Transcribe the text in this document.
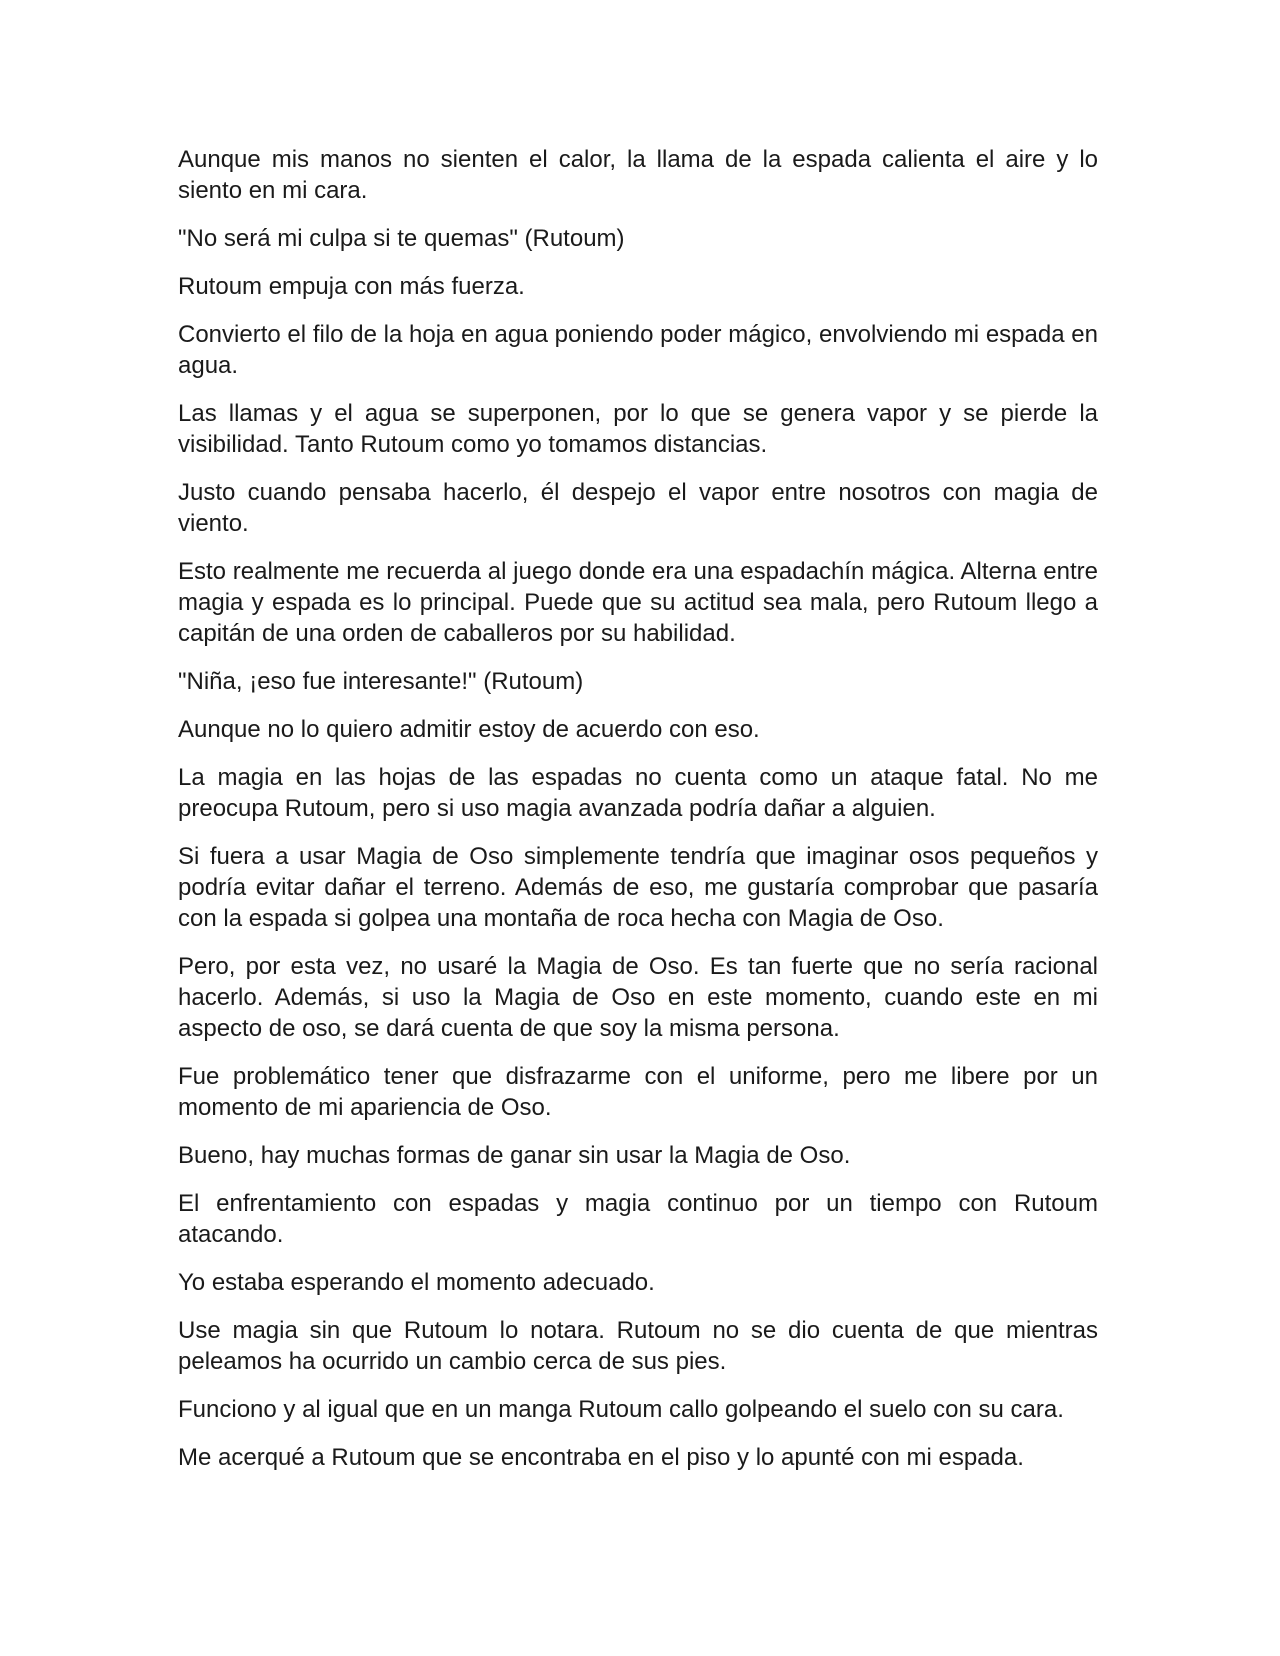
Aunque mis manos no sienten el calor, la llama de la espada calienta el aire y lo siento en mi cara.

"No será mi culpa si te quemas" (Rutoum)

Rutoum empuja con más fuerza.

Convierto el filo de la hoja en agua poniendo poder mágico, envolviendo mi espada en agua.

Las llamas y el agua se superponen, por lo que se genera vapor y se pierde la visibilidad. Tanto Rutoum como yo tomamos distancias.

Justo cuando pensaba hacerlo, él despejo el vapor entre nosotros con magia de viento.

Esto realmente me recuerda al juego donde era una espadachín mágica. Alterna entre magia y espada es lo principal. Puede que su actitud sea mala, pero Rutoum llego a capitán de una orden de caballeros por su habilidad.

"Niña, ¡eso fue interesante!" (Rutoum)

Aunque no lo quiero admitir estoy de acuerdo con eso.

La magia en las hojas de las espadas no cuenta como un ataque fatal. No me preocupa Rutoum, pero si uso magia avanzada podría dañar a alguien.

Si fuera a usar Magia de Oso simplemente tendría que imaginar osos pequeños y podría evitar dañar el terreno. Además de eso, me gustaría comprobar que pasaría con la espada si golpea una montaña de roca hecha con Magia de Oso.

Pero, por esta vez, no usaré la Magia de Oso. Es tan fuerte que no sería racional hacerlo. Además, si uso la Magia de Oso en este momento, cuando este en mi aspecto de oso, se dará cuenta de que soy la misma persona.

Fue problemático tener que disfrazarme con el uniforme, pero me libere por un momento de mi apariencia de Oso.

Bueno, hay muchas formas de ganar sin usar la Magia de Oso.

El enfrentamiento con espadas y magia continuo por un tiempo con Rutoum atacando.

Yo estaba esperando el momento adecuado.

Use magia sin que Rutoum lo notara. Rutoum no se dio cuenta de que mientras peleamos ha ocurrido un cambio cerca de sus pies.

Funciono y al igual que en un manga Rutoum callo golpeando el suelo con su cara.

Me acerqué a Rutoum que se encontraba en el piso y lo apunté con mi espada.
